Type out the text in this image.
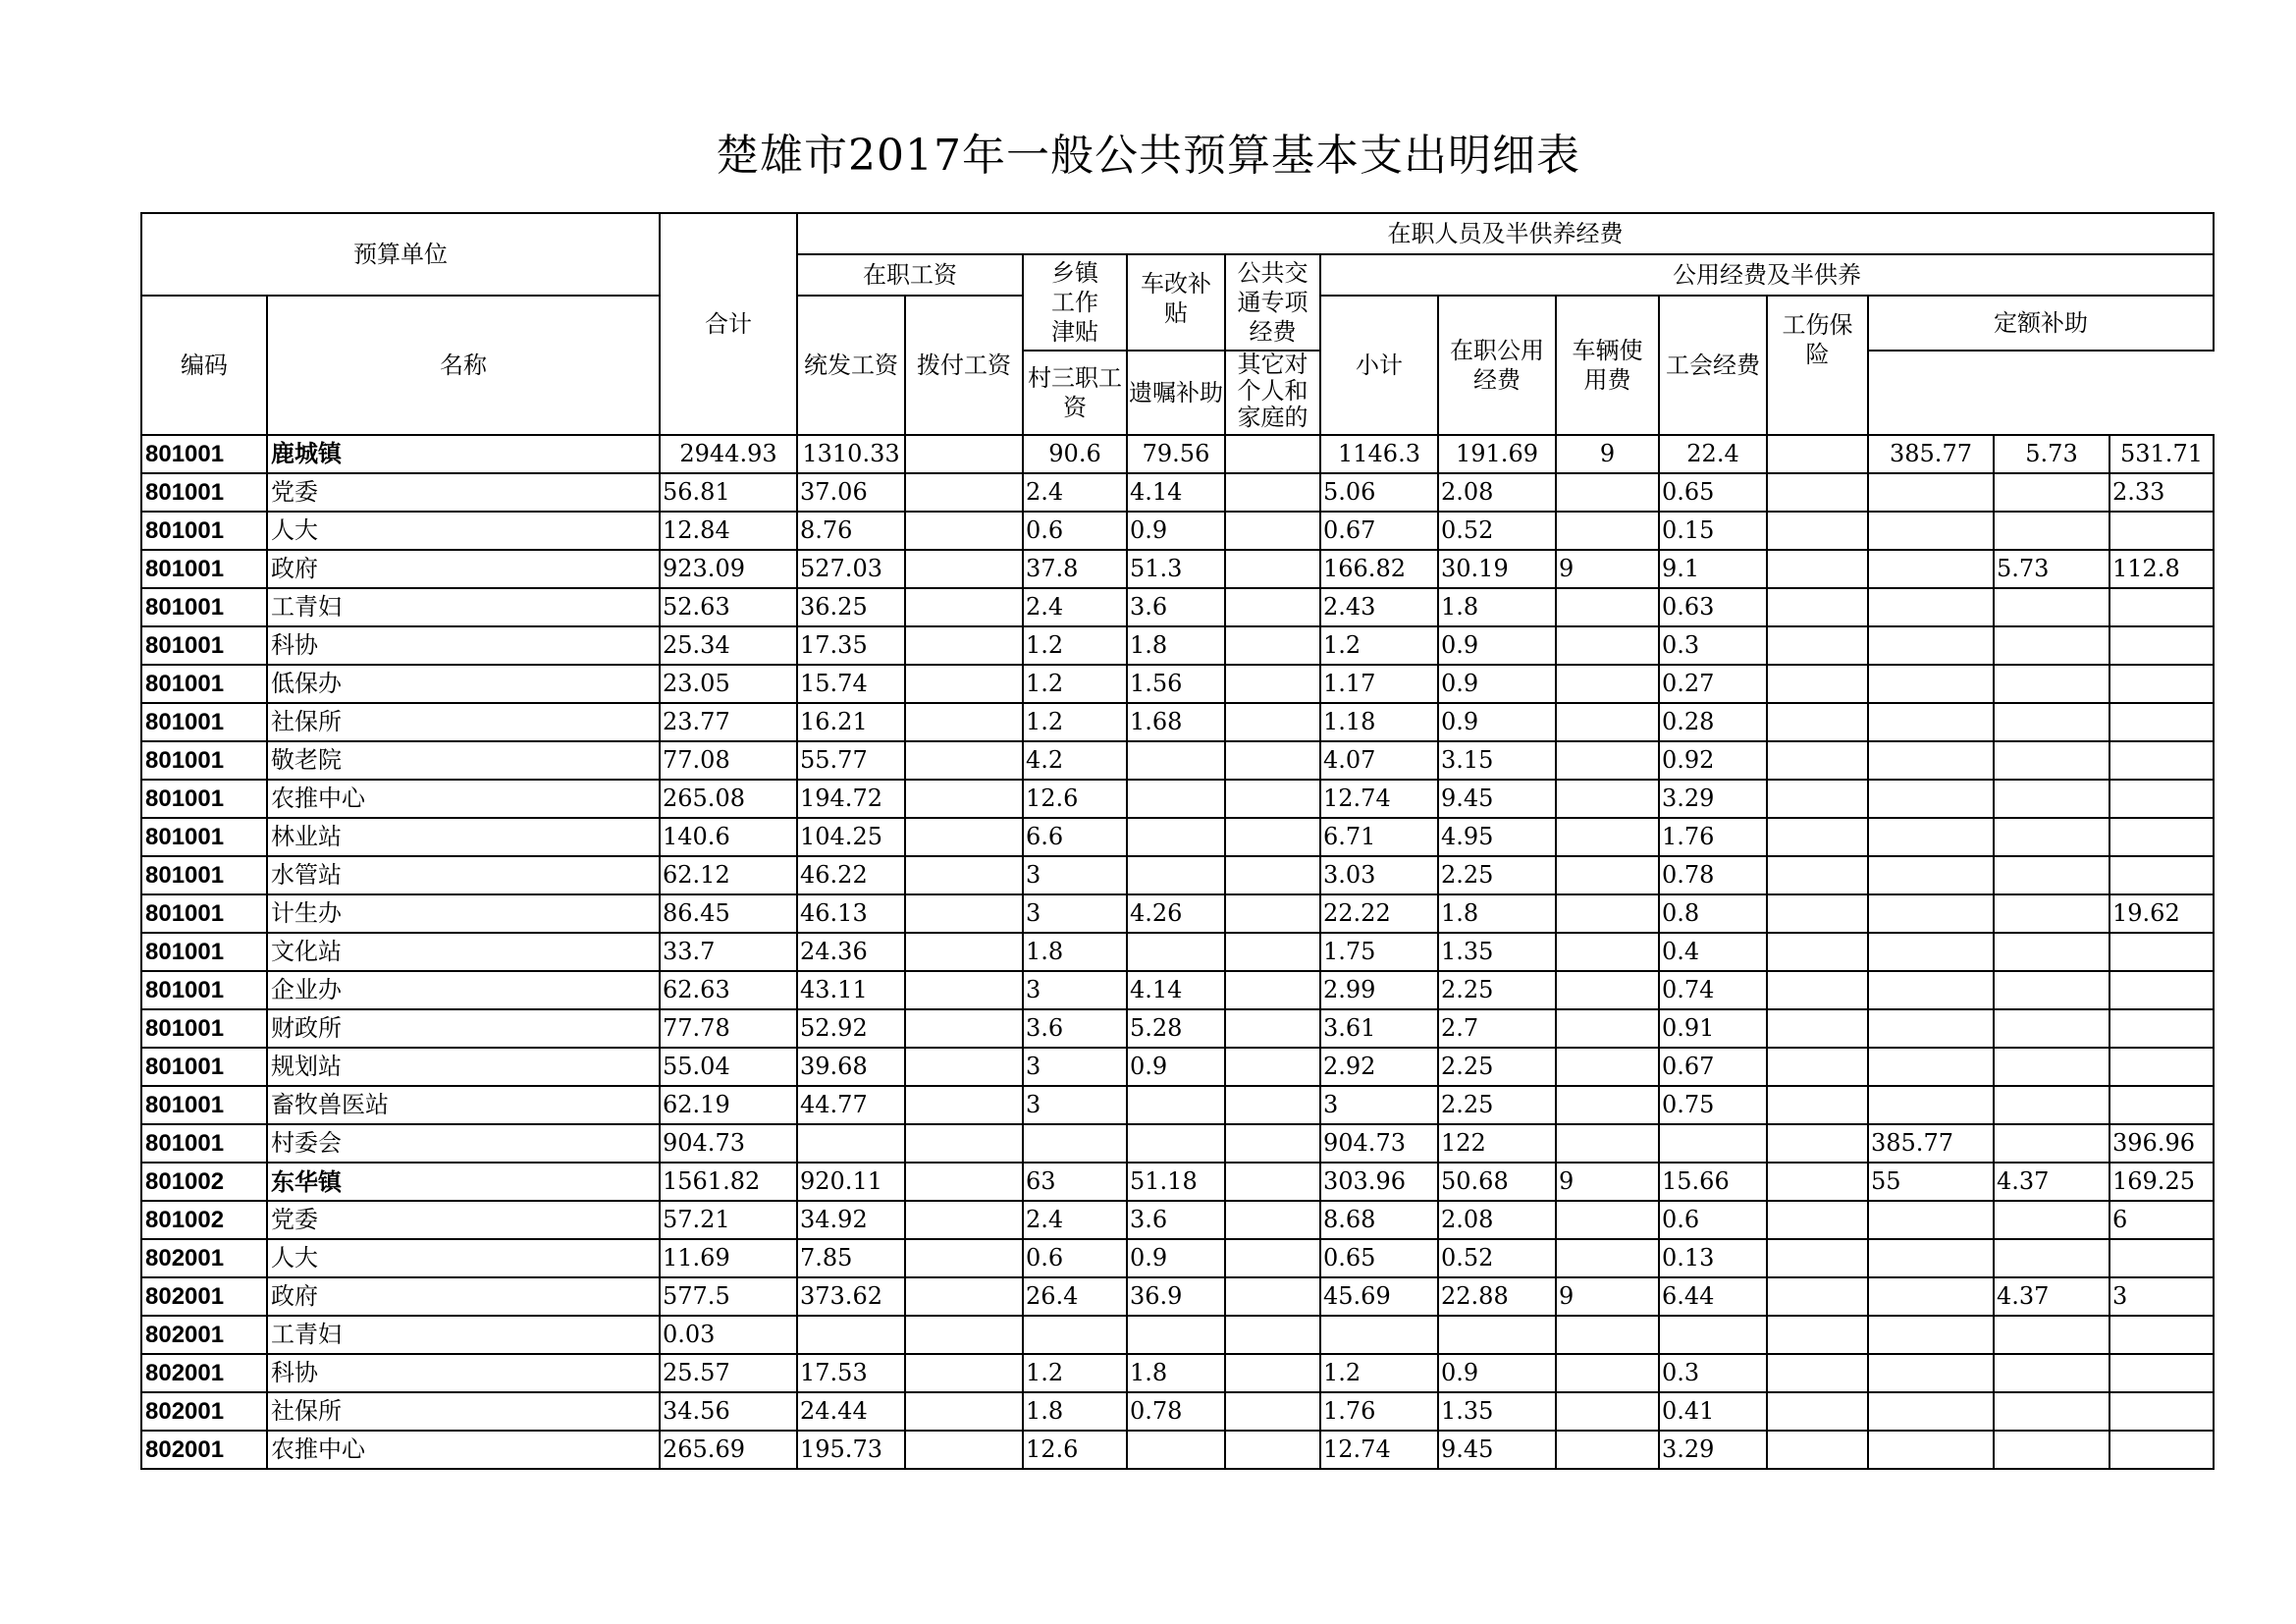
楚雄市2017年一般公共预算基本支出明细表
预算单位		合计	在职人员及半供养经费												
			在职工资		乡镇工作津贴	车改补贴	公共交通专项经费	公用经费及半供养							
编码	名称		统发工资	拨付工资				小计	在职公用经费	车辆使用费	工会经费	工伤保险	定额补助		

					村三职工资	遗嘱补助	其它对个人和家庭的								

801001	鹿城镇	2944.93	1310.33		90.6	79.56		1146.3	191.69	9	22.4		385.77	5.73	531.71
801001	党委	56.81	37.06		2.4	4.14		5.06	2.08		0.65				2.33
801001	人大	12.84	8.76		0.6	0.9		0.67	0.52		0.15				
801001	政府	923.09	527.03		37.8	51.3		166.82	30.19	9	9.1			5.73	112.8
801001	工青妇	52.63	36.25		2.4	3.6		2.43	1.8		0.63				
801001	科协	25.34	17.35		1.2	1.8		1.2	0.9		0.3				
801001	低保办	23.05	15.74		1.2	1.56		1.17	0.9		0.27				
801001	社保所	23.77	16.21		1.2	1.68		1.18	0.9		0.28				
801001	敬老院	77.08	55.77		4.2			4.07	3.15		0.92				
801001	农推中心	265.08	194.72		12.6			12.74	9.45		3.29				
801001	林业站	140.6	104.25		6.6			6.71	4.95		1.76				
801001	水管站	62.12	46.22		3			3.03	2.25		0.78				
801001	计生办	86.45	46.13		3	4.26		22.22	1.8		0.8				19.62
801001	文化站	33.7	24.36		1.8			1.75	1.35		0.4				
801001	企业办	62.63	43.11		3	4.14		2.99	2.25		0.74				
801001	财政所	77.78	52.92		3.6	5.28		3.61	2.7		0.91				
801001	规划站	55.04	39.68		3	0.9		2.92	2.25		0.67				
801001	畜牧兽医站	62.19	44.77		3			3	2.25		0.75				
801001	村委会	904.73						904.73	122				385.77		396.96
801002	东华镇	1561.82	920.11		63	51.18		303.96	50.68	9	15.66		55	4.37	169.25
801002	党委	57.21	34.92		2.4	3.6		8.68	2.08		0.6				6
802001	人大	11.69	7.85		0.6	0.9		0.65	0.52		0.13				
802001	政府	577.5	373.62		26.4	36.9		45.69	22.88	9	6.44			4.37	3
802001	工青妇	0.03													
802001	科协	25.57	17.53		1.2	1.8		1.2	0.9		0.3				
802001	社保所	34.56	24.44		1.8	0.78		1.76	1.35		0.41				
802001	农推中心	265.69	195.73		12.6			12.74	9.45		3.29				
